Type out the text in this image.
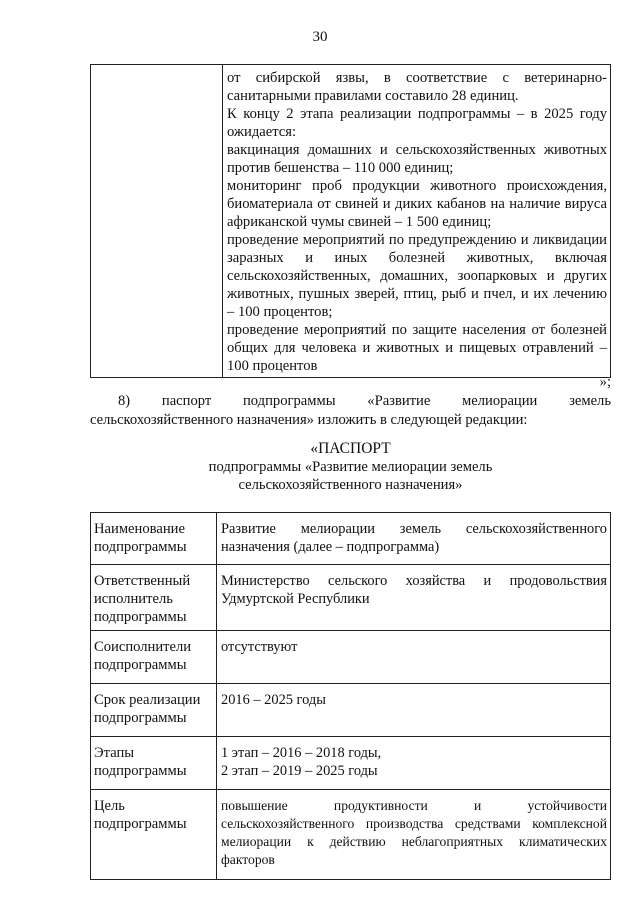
30

от сибирской язвы, в соответствие с ветеринарно-санитарными правилами составило 28 единиц.

К концу 2 этапа реализации подпрограммы – в 2025 году ожидается:

вакцинация домашних и сельскохозяйственных животных против бешенства – 110 000 единиц;

мониторинг проб продукции животного происхождения, биоматериала от свиней и диких кабанов на наличие вируса африканской чумы свиней – 1 500 единиц;

проведение мероприятий по предупреждению и ликвидации заразных и иных болезней животных, включая сельскохозяйственных, домашних, зоопарковых и других животных, пушных зверей, птиц, рыб и пчел, и их лечению – 100 процентов;

проведение мероприятий по защите населения от болезней общих для человека и животных и пищевых отравлений – 100 процентов

»;
8) паспорт подпрограммы «Развитие мелиорации земель
сельскохозяйственного назначения» изложить в следующей редакции:
«ПАСПОРТ
подпрограммы «Развитие мелиорации земель
сельскохозяйственного назначения»
Наименование подпрограммы	Развитие мелиорации земель сельскохозяйственного назначения (далее – подпрограмма)
Ответственный исполнитель подпрограммы	Министерство сельского хозяйства и продовольствия Удмуртской Республики
Соисполнители подпрограммы	отсутствуют
Срок реализации подпрограммы	2016 – 2025 годы
Этапы подпрограммы	1 этап – 2016 – 2018 годы,
2 этап – 2019 – 2025 годы

Цель подпрограммы	повышение продуктивности и устойчивости сельскохозяйственного производства средствами комплексной мелиорации к действию неблагоприятных климатических факторов
